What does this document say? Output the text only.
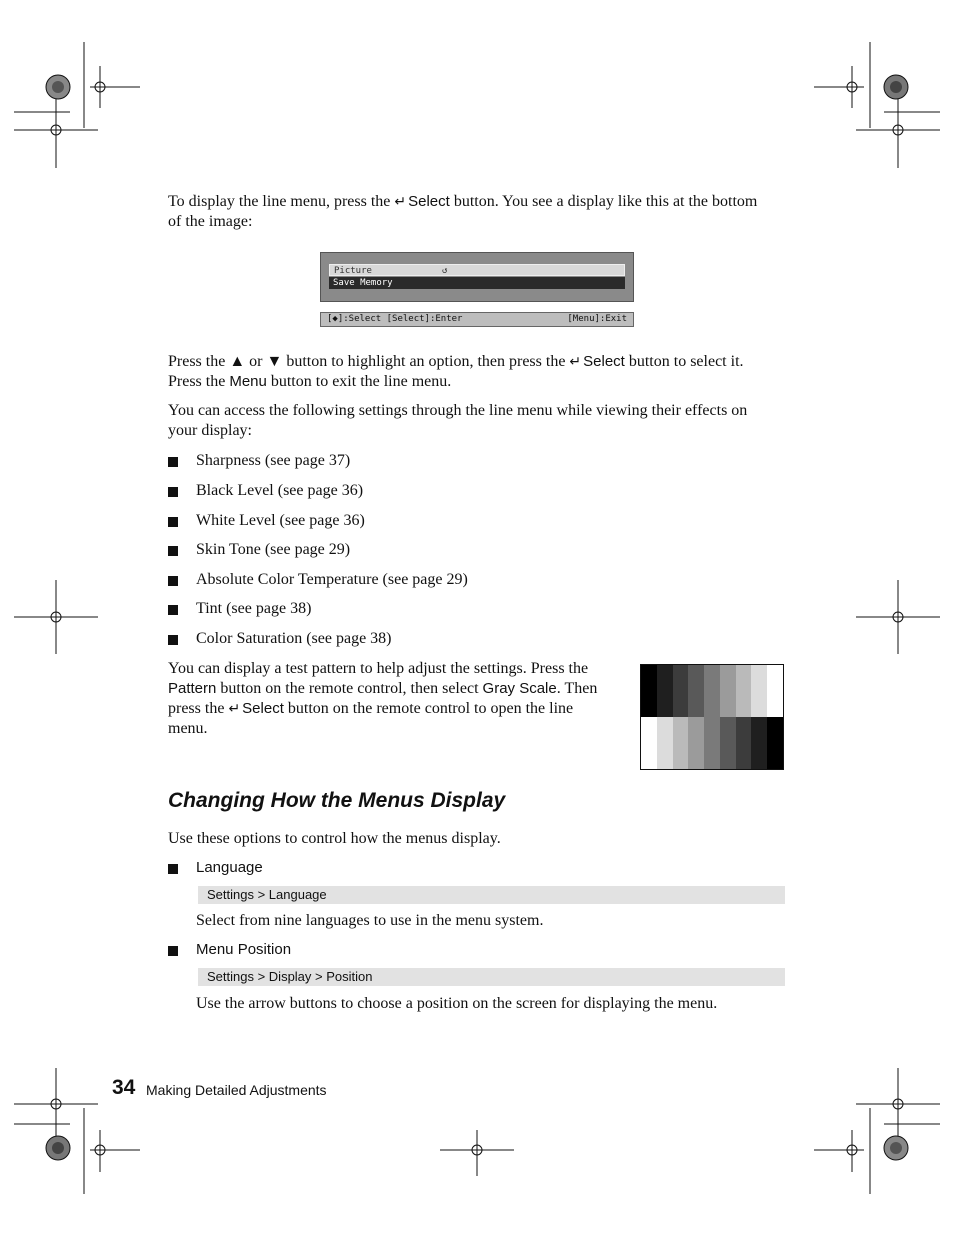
To display the line menu, press the ↵ Select button. You see a display like this at the bottom
of the image:
Picture	↺
Save Memory
[◆]:Select [Select]:Enter	[Menu]:Exit
Press the ▲ or ▼ button to highlight an option, then press the ↵ Select button to select it.
Press the Menu button to exit the line menu.
You can access the following settings through the line menu while viewing their effects on
your display:
Sharpness (see page 37)
Black Level (see page 36)
White Level (see page 36)
Skin Tone (see page 29)
Absolute Color Temperature (see page 29)
Tint (see page 38)
Color Saturation (see page 38)
You can display a test pattern to help adjust the settings. Press the
Pattern button on the remote control, then select Gray Scale. Then
press the ↵ Select button on the remote control to open the line
menu.
Changing How the Menus Display
Use these options to control how the menus display.
Language
Settings > Language
Select from nine languages to use in the menu system.
Menu Position
Settings > Display > Position
Use the arrow buttons to choose a position on the screen for displaying the menu.
34 Making Detailed Adjustments
